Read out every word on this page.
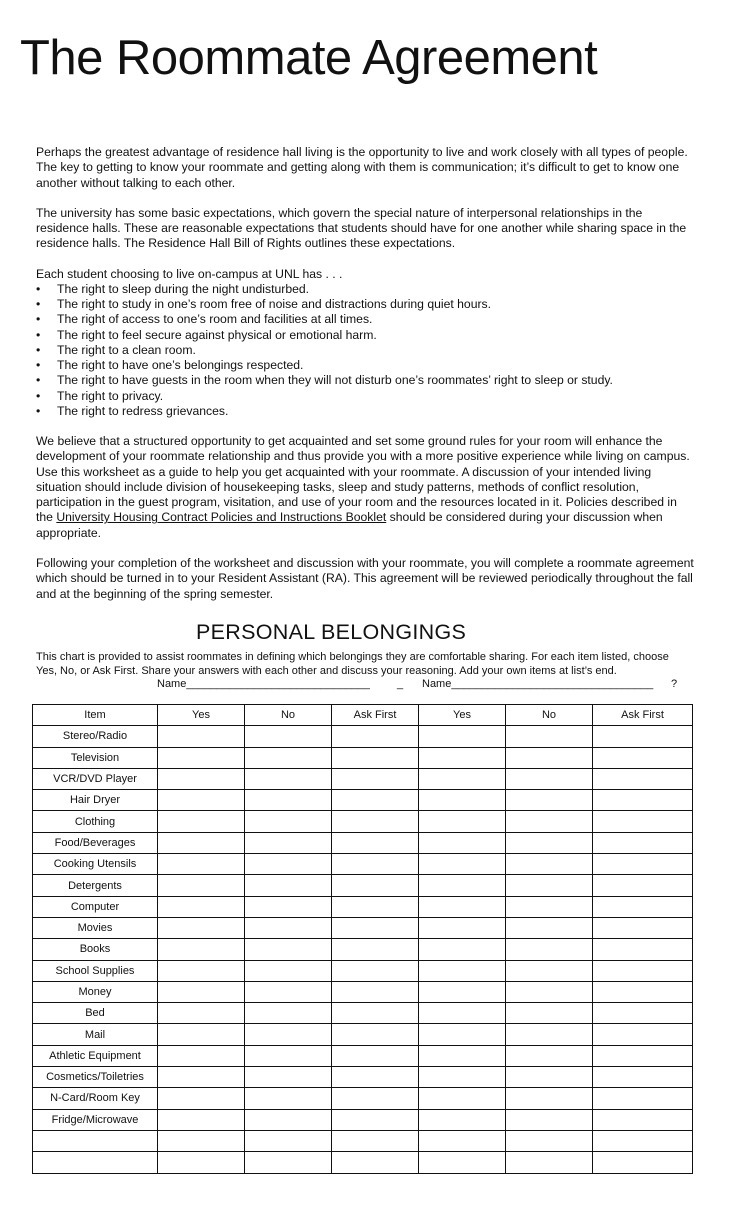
The Roommate Agreement

Perhaps the greatest advantage of residence hall living is the opportunity to live and work closely with all types of people. The key to getting to know your roommate and getting along with them is communication; it’s difficult to get to know one another without talking to each other.

The university has some basic expectations, which govern the special nature of interpersonal relationships in the residence halls. These are reasonable expectations that students should have for one another while sharing space in the residence halls. The Residence Hall Bill of Rights outlines these expectations.

Each student choosing to live on-campus at UNL has . . .

• The right to sleep during the night undisturbed.
• The right to study in one’s room free of noise and distractions during quiet hours.
• The right of access to one’s room and facilities at all times.
• The right to feel secure against physical or emotional harm.
• The right to a clean room.
• The right to have one’s belongings respected.
• The right to have guests in the room when they will not disturb one’s roommates’ right to sleep or study.
• The right to privacy.
• The right to redress grievances.

We believe that a structured opportunity to get acquainted and set some ground rules for your room will enhance the development of your roommate relationship and thus provide you with a more positive experience while living on campus. Use this worksheet as a guide to help you get acquainted with your roommate. A discussion of your intended living situation should include division of housekeeping tasks, sleep and study patterns, methods of conflict resolution, participation in the guest program, visitation, and use of your room and the resources located in it. Policies described in the University Housing Contract Policies and Instructions Booklet should be considered during your discussion when appropriate.

Following your completion of the worksheet and discussion with your roommate, you will complete a roommate agreement which should be turned in to your Resident Assistant (RA). This agreement will be reviewed periodically throughout the fall and at the beginning of the spring semester.

PERSONAL BELONGINGS

This chart is provided to assist roommates in defining which belongings they are comfortable sharing. For each item listed, choose Yes, No, or Ask First. Share your answers with each other and discuss your reasoning. Add your own items at list’s end.

Name______________________________ _ Name_________________________________ ?
Item	Yes	No	Ask First	Yes	No	Ask First
Stereo/Radio						
Television						
VCR/DVD Player						
Hair Dryer						
Clothing						
Food/Beverages						
Cooking Utensils						
Detergents						
Computer						
Movies						
Books						
School Supplies						
Money						
Bed						
Mail						
Athletic Equipment						
Cosmetics/Toiletries						
N-Card/Room Key						
Fridge/Microwave						
